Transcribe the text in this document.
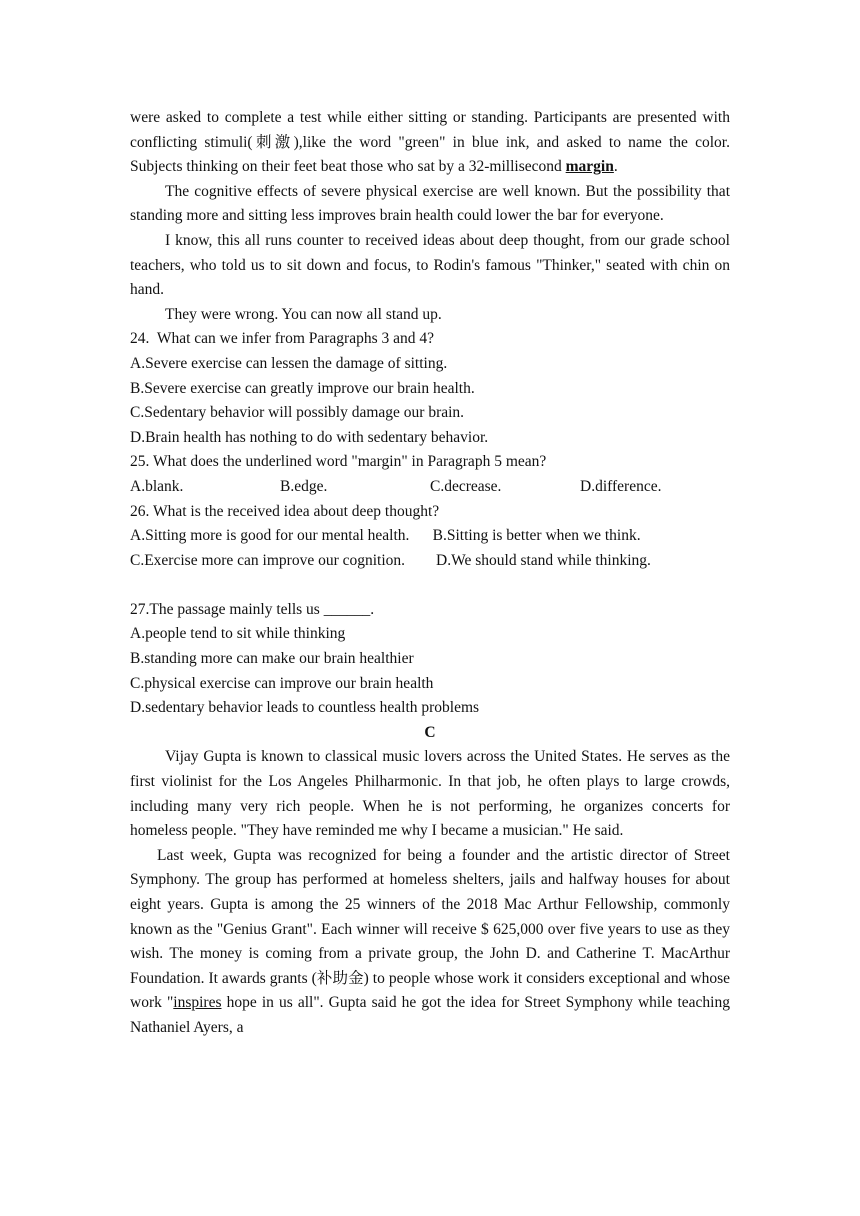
were asked to complete a test while either sitting or standing. Participants are presented with conflicting stimuli(刺激),like the word "green" in blue ink, and asked to name the color. Subjects thinking on their feet beat those who sat by a 32-millisecond margin.

The cognitive effects of severe physical exercise are well known. But the possibility that standing more and sitting less improves brain health could lower the bar for everyone.

I know, this all runs counter to received ideas about deep thought, from our grade school teachers, who told us to sit down and focus, to Rodin's famous "Thinker," seated with chin on hand.

They were wrong. You can now all stand up.

24.  What can we infer from Paragraphs 3 and 4?

A.Severe exercise can lessen the damage of sitting.

B.Severe exercise can greatly improve our brain health.

C.Sedentary behavior will possibly damage our brain.

D.Brain health has nothing to do with sedentary behavior.

25. What does the underlined word "margin" in Paragraph 5 mean?

A.blank.	B.edge.	C.decrease.	D.difference.

26. What is the received idea about deep thought?

A.Sitting more is good for our mental health.      B.Sitting is better when we think.

C.Exercise more can improve our cognition.        D.We should stand while thinking.

27.The passage mainly tells us ______.

A.people tend to sit while thinking

B.standing more can make our brain healthier

C.physical exercise can improve our brain health

D.sedentary behavior leads to countless health problems

C

Vijay Gupta is known to classical music lovers across the United States. He serves as the first violinist for the Los Angeles Philharmonic. In that job, he often plays to large crowds, including many very rich people. When he is not performing, he organizes concerts for homeless people. "They have reminded me why I became a musician." He said.

Last week, Gupta was recognized for being a founder and the artistic director of Street Symphony. The group has performed at homeless shelters, jails and halfway houses for about eight years. Gupta is among the 25 winners of the 2018 Mac Arthur Fellowship, commonly known as the "Genius Grant". Each winner will receive $ 625,000 over five years to use as they wish. The money is coming from a private group, the John D. and Catherine T. MacArthur Foundation. It awards grants (补助金) to people whose work it considers exceptional and whose work "inspires hope in us all". Gupta said he got the idea for Street Symphony while teaching Nathaniel Ayers, a
